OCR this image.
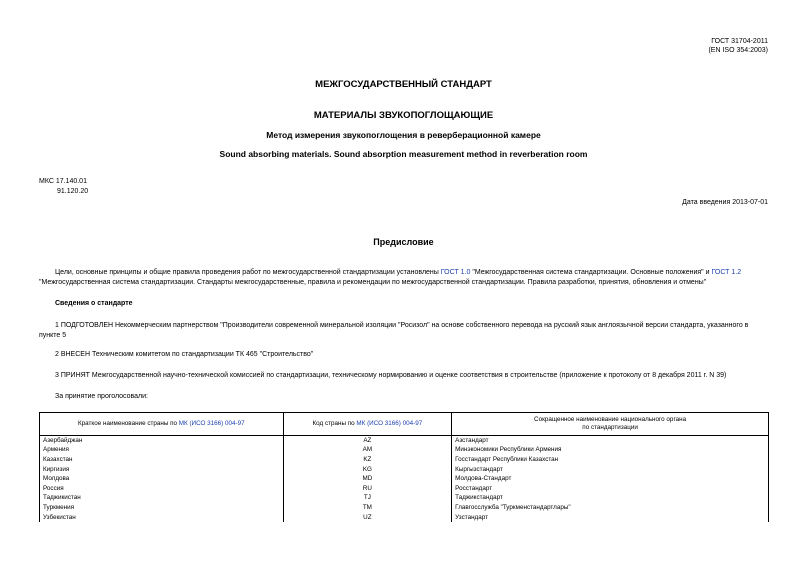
ГОСТ 31704-2011
(EN ISO 354:2003)
МЕЖГОСУДАРСТВЕННЫЙ СТАНДАРТ
МАТЕРИАЛЫ ЗВУКОПОГЛОЩАЮЩИЕ
Метод измерения звукопоглощения в реверберационной камере
Sound absorbing materials. Sound absorption measurement method in reverberation room
МКС 17.140.01
91.120.20
Дата введения 2013-07-01
Предисловие
Цели, основные принципы и общие правила проведения работ по межгосударственной стандартизации установлены ГОСТ 1.0 "Межгосударственная система стандартизации. Основные положения" и ГОСТ 1.2 "Межгосударственная система стандартизации. Стандарты межгосударственные, правила и рекомендации по межгосударственной стандартизации. Правила разработки, принятия, обновления и отмены"
Сведения о стандарте
1 ПОДГОТОВЛЕН Некоммерческим партнерством "Производители современной минеральной изоляции "Росизол" на основе собственного перевода на русский язык англоязычной версии стандарта, указанного в пункте 5
2 ВНЕСЕН Техническим комитетом по стандартизации ТК 465 "Строительство"
3 ПРИНЯТ Межгосударственной научно-технической комиссией по стандартизации, техническому нормированию и оценке соответствия в строительстве (приложение к протоколу от 8 декабря 2011 г. N 39)
За принятие проголосовали:
Краткое наименование страны по МК (ИСО 3166) 004-97	Код страны по МК (ИСО 3166) 004-97	Сокращенное наименование национального органа
по стандартизации
Азербайджан	AZ	Азстандарт
Армения	AM	Минэкономики Республики Армения
Казахстан	KZ	Госстандарт Республики Казахстан
Киргизия	KG	Кыргызстандарт
Молдова	MD	Молдова-Стандарт
Россия	RU	Росстандарт
Таджикистан	TJ	Таджикстандарт
Туркмения	TM	Главгосслужба "Туркменстандартлары"
Узбекистан	UZ	Узстандарт
